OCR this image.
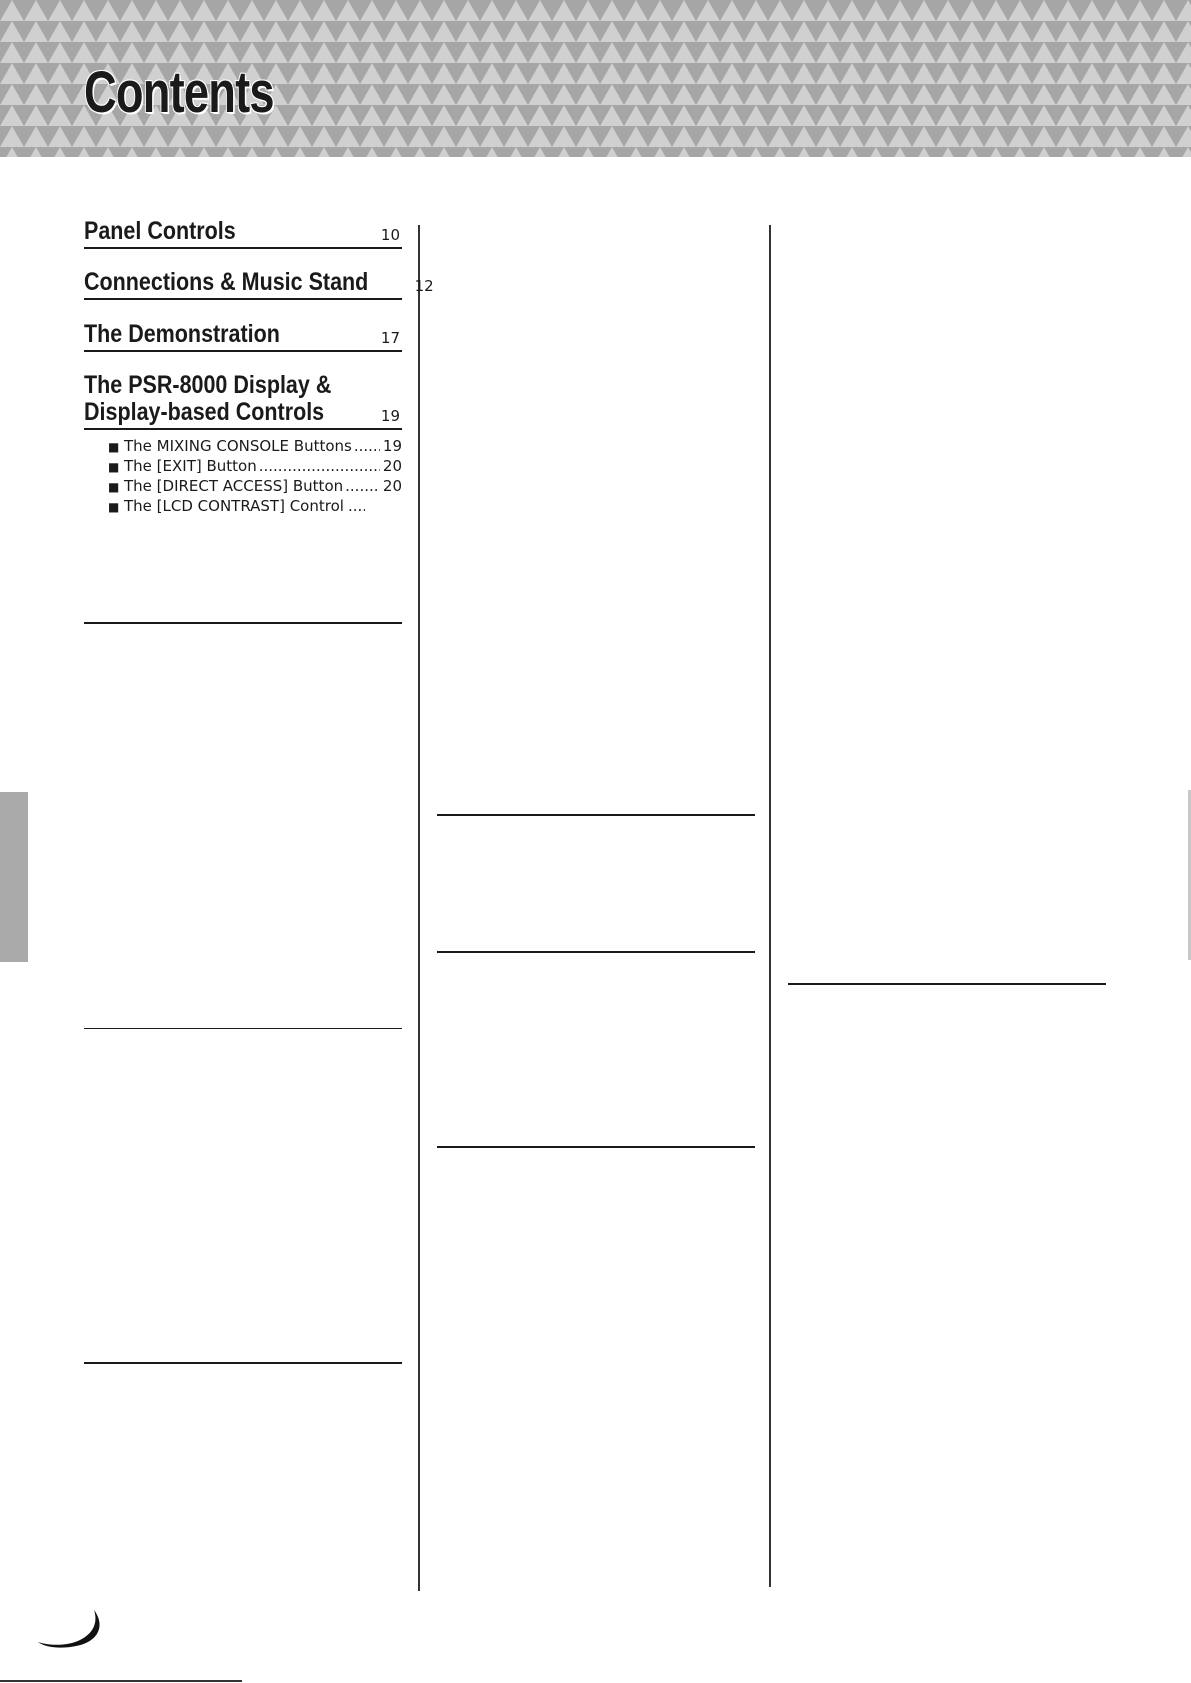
Contents
Panel Controls	10
Connections & Music Stand	12
The Demonstration	17
The PSR-8000 Display &
Display-based Controls	19
■ The MIXING CONSOLE Buttons ..... 19
■ The [EXIT] Button .....	20
■ The [DIRECT ACCESS] Button .....	20
■ The [LCD CONTRAST] Control
.....
